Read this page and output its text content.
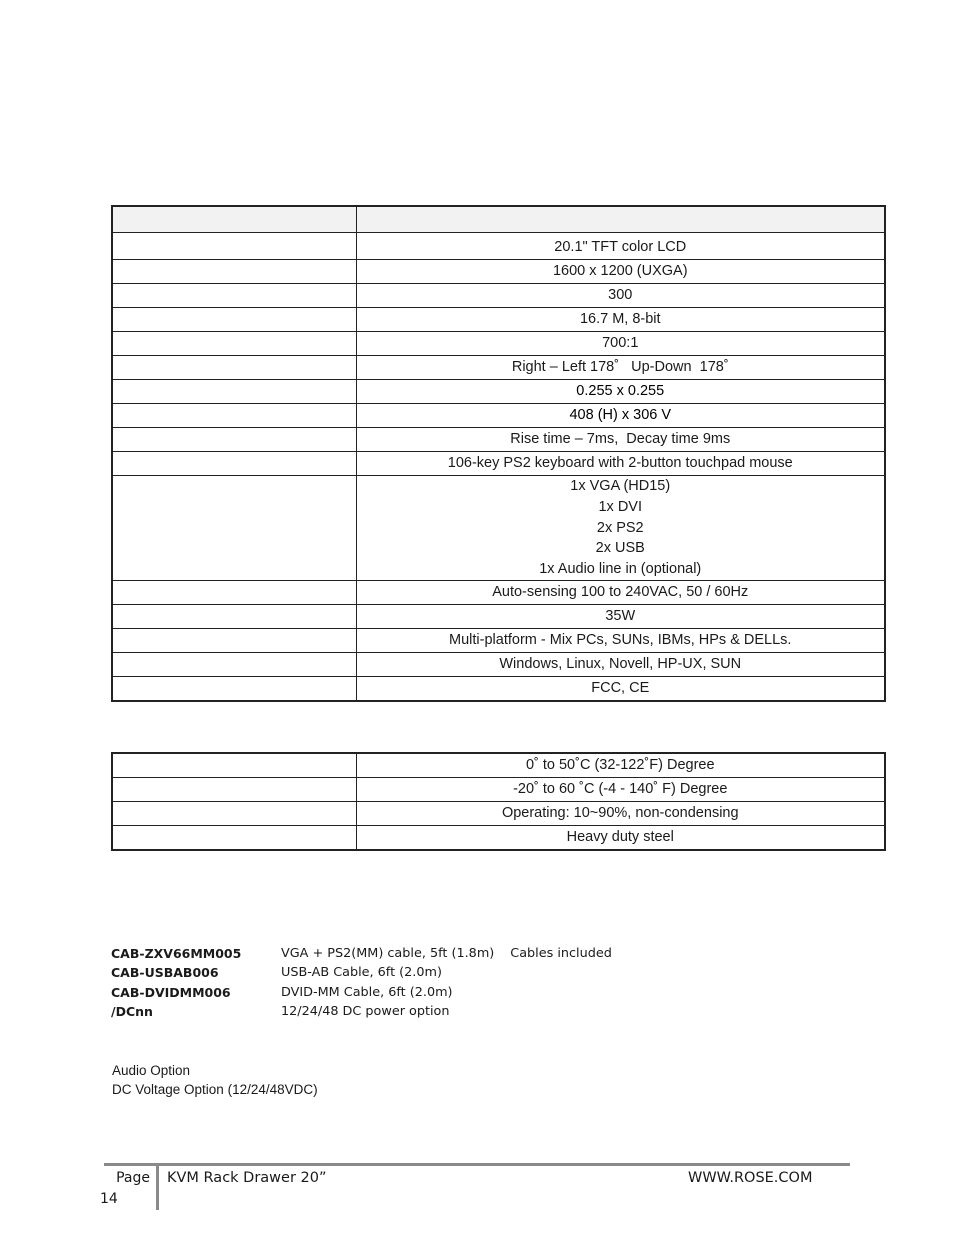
	20.1" TFT color LCD
	1600 x 1200 (UXGA)
	300
	16.7 M, 8-bit
	700:1
	Right – Left 178˚   Up-Down  178˚
	0.255 x 0.255
	408 (H) x 306 V
	Rise time – 7ms,  Decay time 9ms
	106-key PS2 keyboard with 2-button touchpad mouse

	1x VGA (HD15)
1x DVI
2x PS2
2x USB
1x Audio line in (optional)

	Auto-sensing 100 to 240VAC, 50 / 60Hz
	35W
	Multi-platform - Mix PCs, SUNs, IBMs, HPs & DELLs.
	Windows, Linux, Novell, HP-UX, SUN
	FCC, CE
	0˚ to 50˚C (32-122˚F) Degree
	-20˚ to 60 ˚C (-4 - 140˚ F) Degree
	Operating: 10~90%, non-condensing
	Heavy duty steel
CAB-ZXV66MM005	VGA + PS2(MM) cable, 5ft (1.8m) Cables included
CAB-USBAB006	USB-AB Cable, 6ft (2.0m)
CAB-DVIDMM006	DVID-MM Cable, 6ft (2.0m)
/DCnn	12/24/48 DC power option
Audio Option
DC Voltage Option (12/24/48VDC)
Page
14
KVM Rack Drawer 20”	WWW.ROSE.COM
